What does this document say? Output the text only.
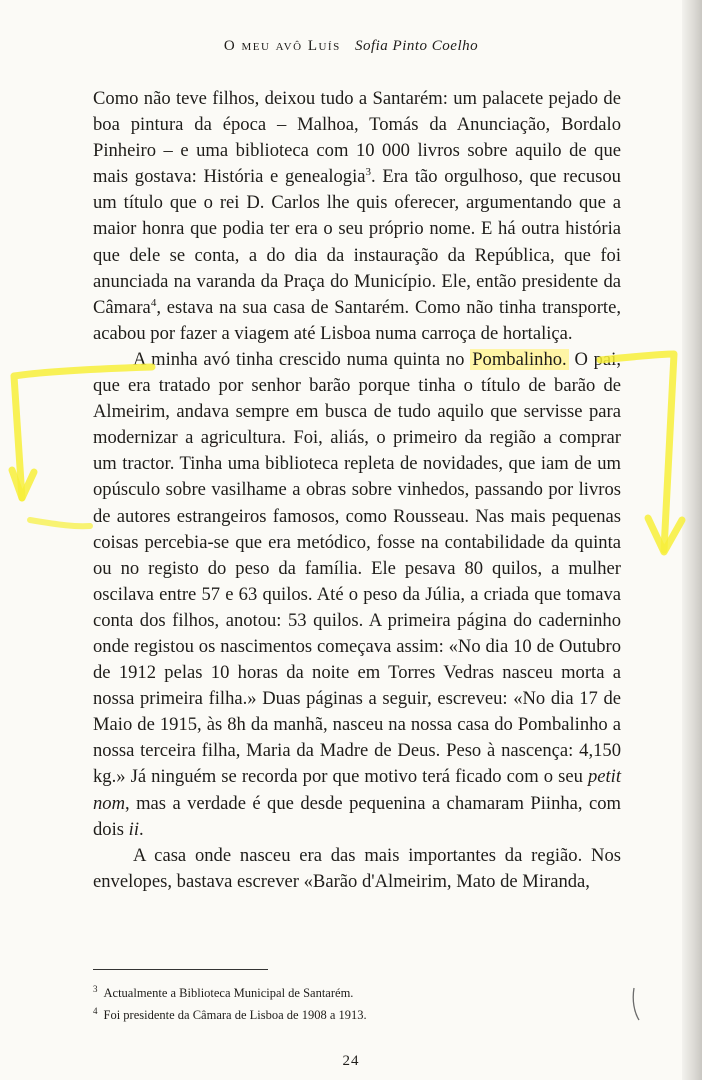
O meu avô Luís Sofia Pinto Coelho

Como não teve filhos, deixou tudo a Santarém: um palacete pejado de boa pintura da época – Malhoa, Tomás da Anunciação, Bordalo Pinheiro – e uma biblioteca com 10 000 livros sobre aquilo de que mais gostava: História e genealogia$^3$. Era tão orgulhoso, que recusou um título que o rei D. Carlos lhe quis oferecer, argumentando que a maior honra que podia ter era o seu próprio nome. E há outra história que dele se conta, a do dia da instauração da República, que foi anunciada na varanda da Praça do Município. Ele, então presidente da Câmara$^4$, estava na sua casa de Santarém. Como não tinha transporte, acabou por fazer a viagem até Lisboa numa carroça de hortaliça.

A minha avó tinha crescido numa quinta no Pombalinho. O pai, que era tratado por senhor barão porque tinha o título de barão de Almeirim, andava sempre em busca de tudo aquilo que servisse para modernizar a agricultura. Foi, aliás, o primeiro da região a comprar um tractor. Tinha uma biblioteca repleta de novidades, que iam de um opúsculo sobre vasilhame a obras sobre vinhedos, passando por livros de autores estrangeiros famosos, como Rousseau. Nas mais pequenas coisas percebia-se que era metódico, fosse na contabilidade da quinta ou no registo do peso da família. Ele pesava 80 quilos, a mulher oscilava entre 57 e 63 quilos. Até o peso da Júlia, a criada que tomava conta dos filhos, anotou: 53 quilos. A primeira página do caderninho onde registou os nascimentos começava assim: «No dia 10 de Outubro de 1912 pelas 10 horas da noite em Torres Vedras nasceu morta a nossa primeira filha.» Duas páginas a seguir, escreveu: «No dia 17 de Maio de 1915, às 8h da manhã, nasceu na nossa casa do Pombalinho a nossa terceira filha, Maria da Madre de Deus. Peso à nascença: 4,150 kg.» Já ninguém se recorda por que motivo terá ficado com o seu petit nom, mas a verdade é que desde pequenina a chamaram Piinha, com dois ii.

A casa onde nasceu era das mais importantes da região. Nos envelopes, bastava escrever «Barão d'Almeirim, Mato de Miranda,

$^3$ Actualmente a Biblioteca Municipal de Santarém.

$^4$ Foi presidente da Câmara de Lisboa de 1908 a 1913.

24
